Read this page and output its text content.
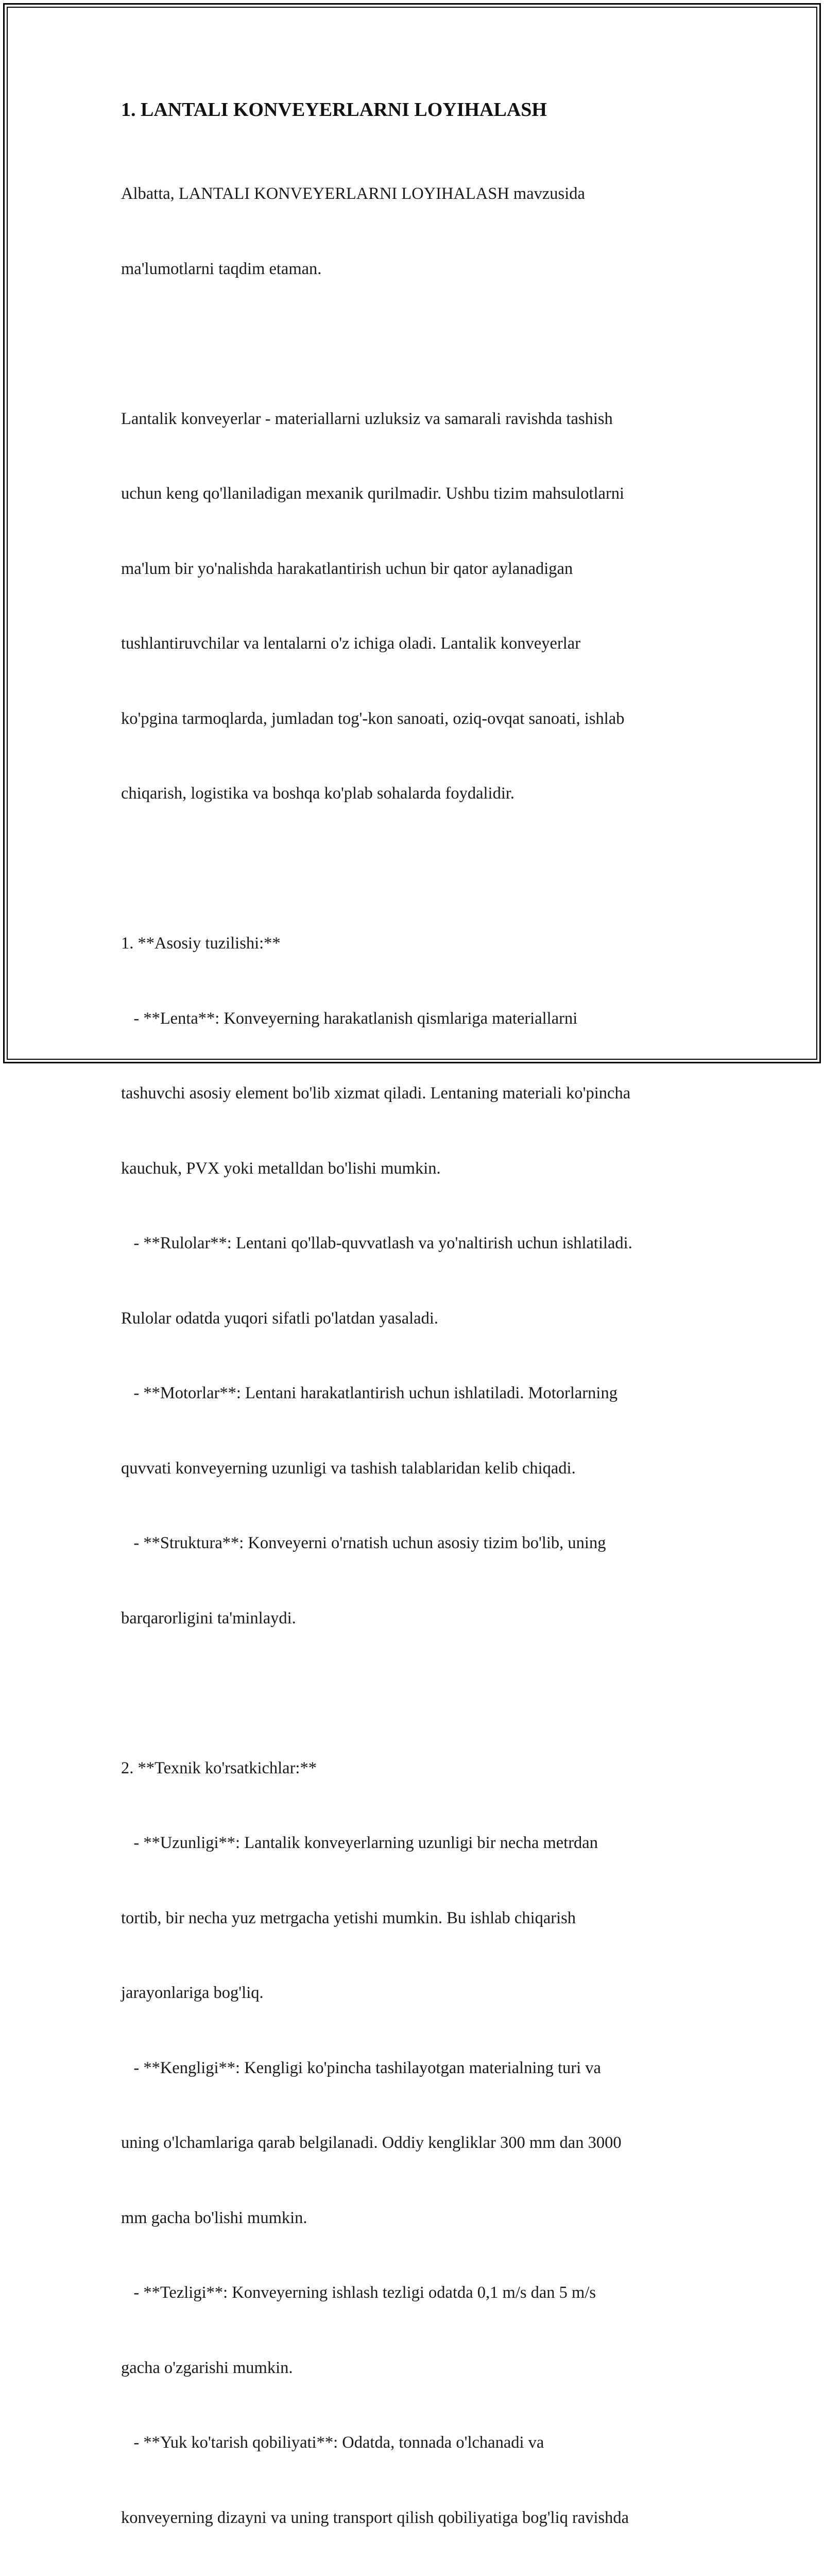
1. LANTALI KONVEYERLARNI LOYIHALASH

Albatta, LANTALI KONVEYERLARNI LOYIHALASH mavzusida

ma'lumotlarni taqdim etaman.

Lantalik konveyerlar - materiallarni uzluksiz va samarali ravishda tashish

uchun keng qo'llaniladigan mexanik qurilmadir. Ushbu tizim mahsulotlarni

ma'lum bir yo'nalishda harakatlantirish uchun bir qator aylanadigan

tushlantiruvchilar va lentalarni o'z ichiga oladi. Lantalik konveyerlar

ko'pgina tarmoqlarda, jumladan tog'-kon sanoati, oziq-ovqat sanoati, ishlab

chiqarish, logistika va boshqa ko'plab sohalarda foydalidir.

1. **Asosiy tuzilishi:**

- **Lenta**: Konveyerning harakatlanish qismlariga materiallarni

tashuvchi asosiy element bo'lib xizmat qiladi. Lentaning materiali ko'pincha

kauchuk, PVX yoki metalldan bo'lishi mumkin.

- **Rulolar**: Lentani qo'llab-quvvatlash va yo'naltirish uchun ishlatiladi.

Rulolar odatda yuqori sifatli po'latdan yasaladi.

- **Motorlar**: Lentani harakatlantirish uchun ishlatiladi. Motorlarning

quvvati konveyerning uzunligi va tashish talablaridan kelib chiqadi.

- **Struktura**: Konveyerni o'rnatish uchun asosiy tizim bo'lib, uning

barqarorligini ta'minlaydi.

2. **Texnik ko'rsatkichlar:**

- **Uzunligi**: Lantalik konveyerlarning uzunligi bir necha metrdan

tortib, bir necha yuz metrgacha yetishi mumkin. Bu ishlab chiqarish

jarayonlariga bog'liq.

- **Kengligi**: Kengligi ko'pincha tashilayotgan materialning turi va

uning o'lchamlariga qarab belgilanadi. Oddiy kengliklar 300 mm dan 3000

mm gacha bo'lishi mumkin.

- **Tezligi**: Konveyerning ishlash tezligi odatda 0,1 m/s dan 5 m/s

gacha o'zgarishi mumkin.

- **Yuk ko'tarish qobiliyati**: Odatda, tonnada o'lchanadi va

konveyerning dizayni va uning transport qilish qobiliyatiga bog'liq ravishda
